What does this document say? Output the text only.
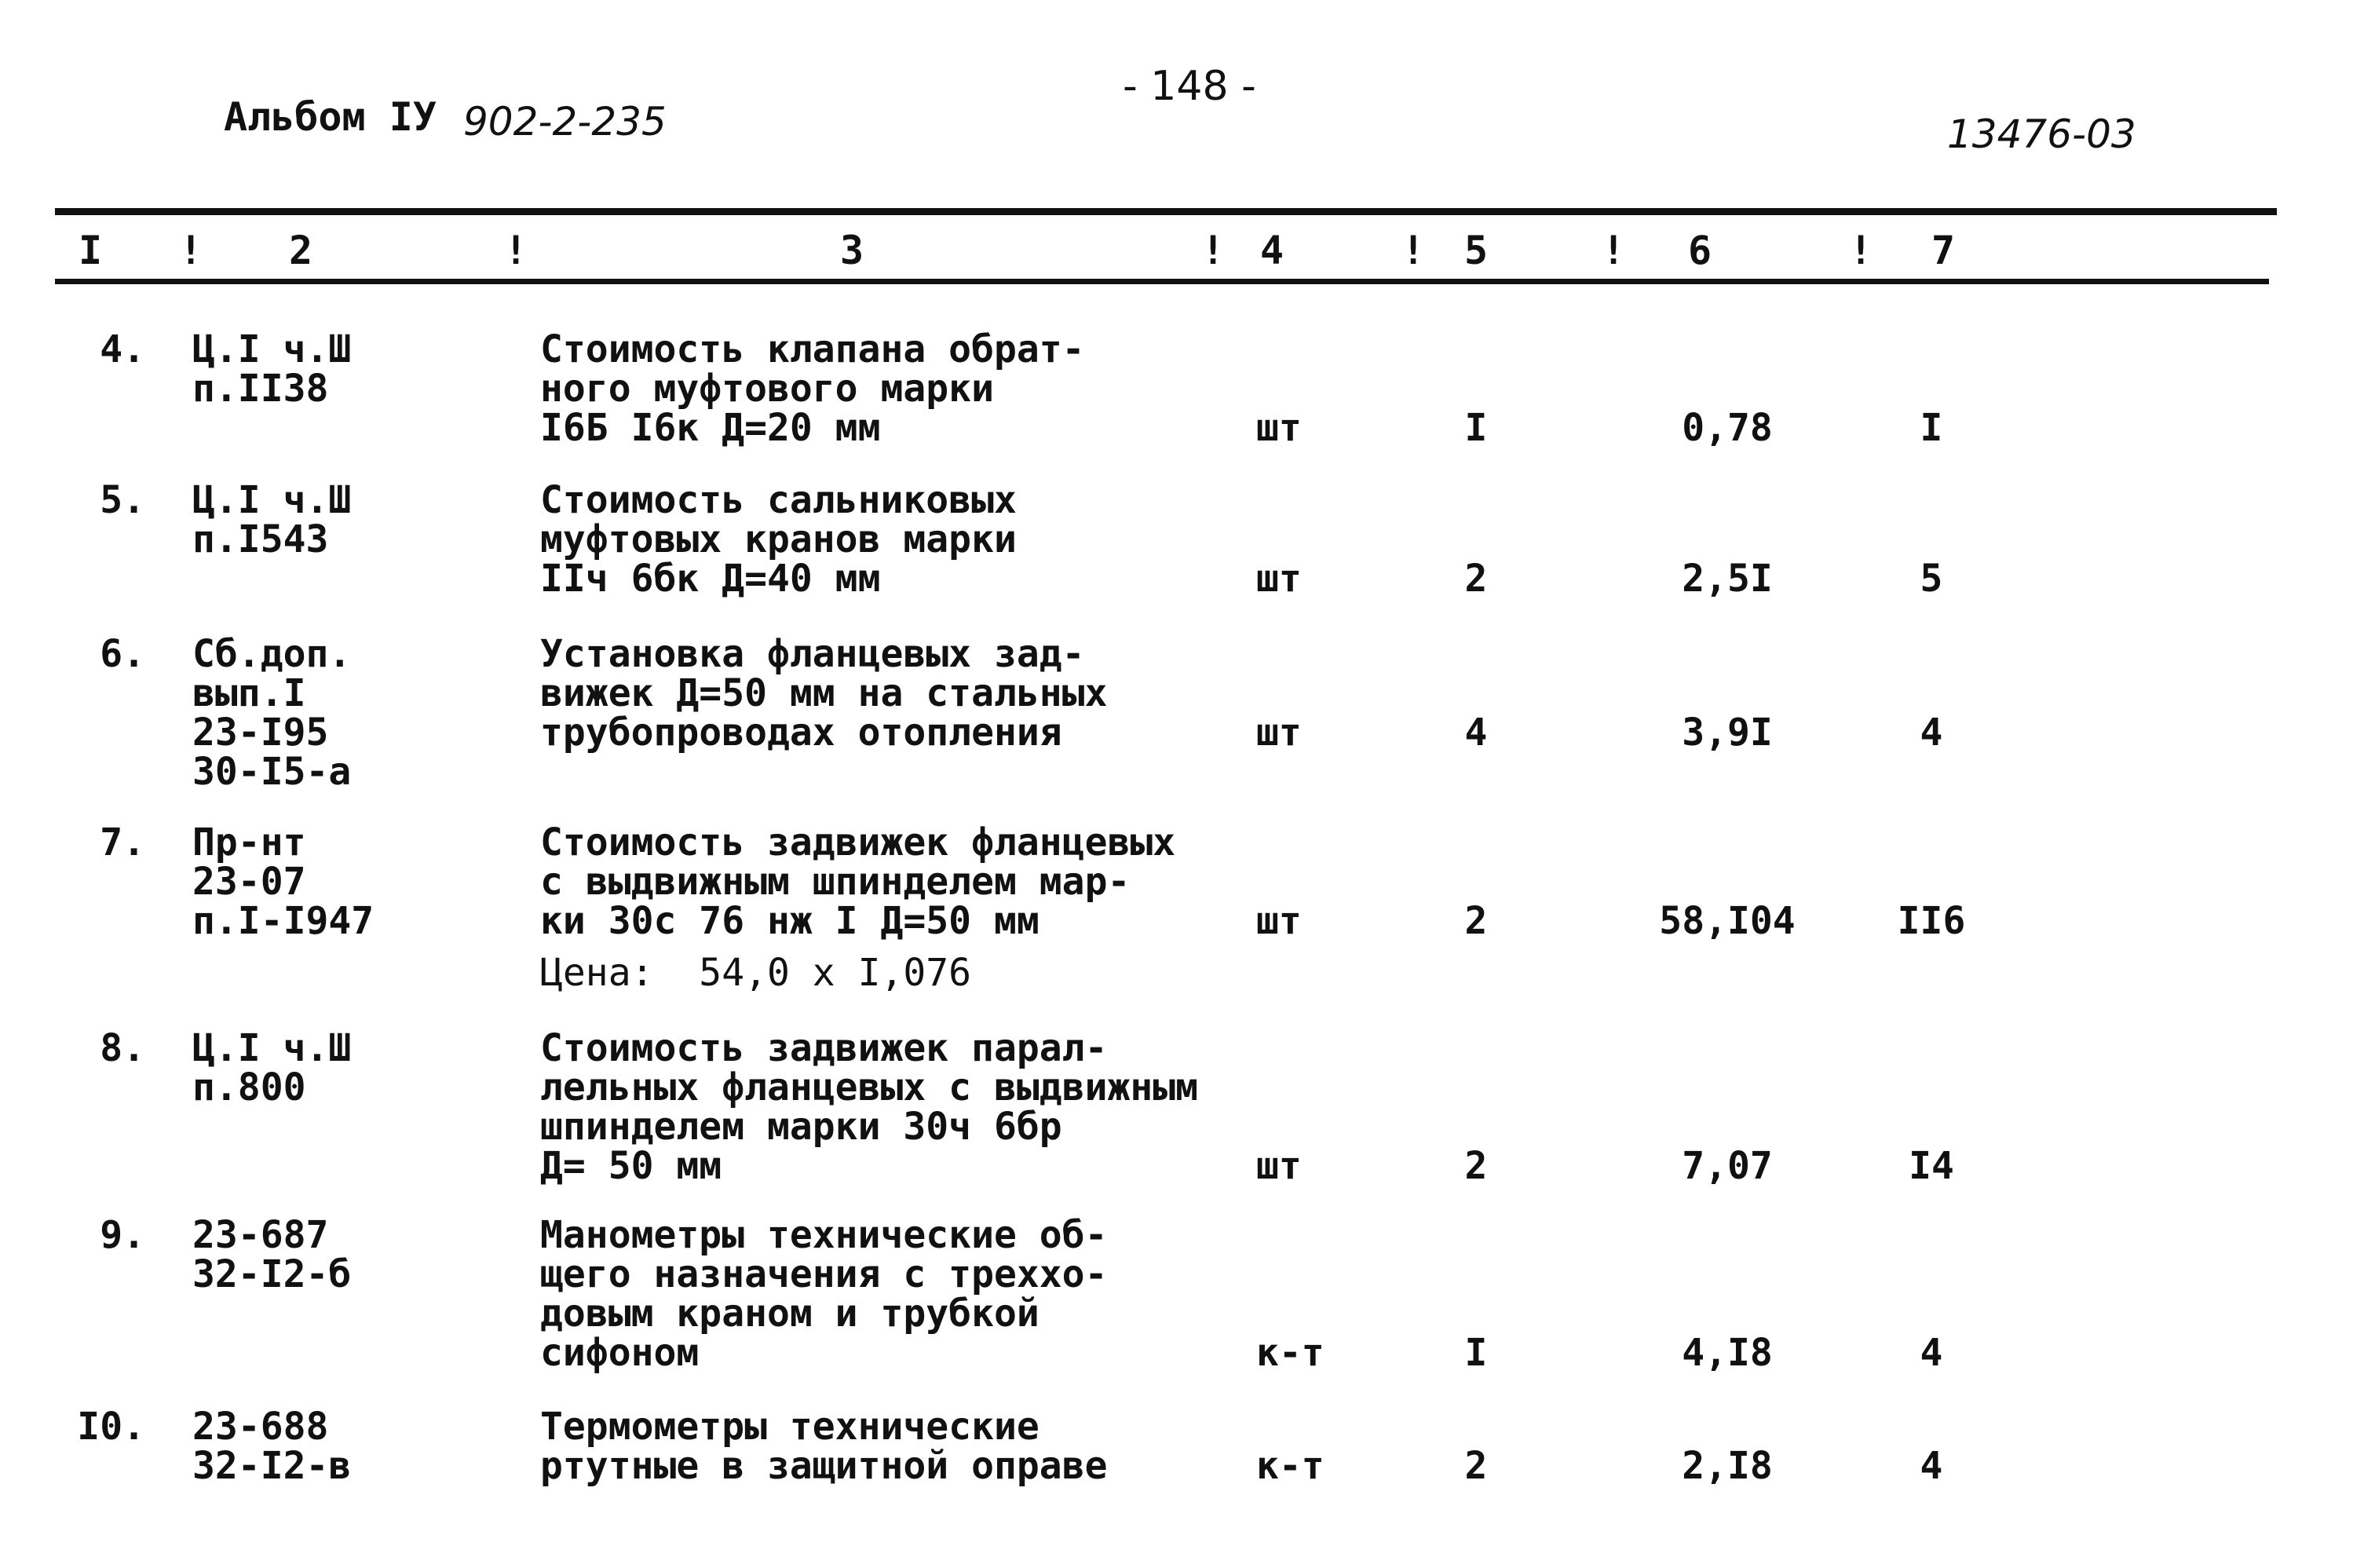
Альбом IУ 902-2-235
- 148 -
13476-03
I ! 2	!	3	! 4	! 5	! 6	! 7
4. Ц.I ч.Ш
п.II38
Стоимость клапана обрат-
ного муфтового марки
I6Б I6к Д=20 мм	шт	I	0,78	I
5. Ц.I ч.Ш
п.I543
Стоимость сальниковых
муфтовых кранов марки
IIч 6бк Д=40 мм	шт	2	2,5I	5
6. Сб.доп.
вып.I
23-I95
30-I5-а
Установка фланцевых зад-
вижек Д=50 мм на стальных
трубопроводах отопления	шт	4	3,9I	4
7. Пр-нт
23-07
п.I-I947
Стоимость задвижек фланцевых
с выдвижным шпинделем мар-
ки 30с 76 нж I Д=50 мм	шт	2	58,I04	II6
Цена:  54,0 х I,076
8. Ц.I ч.Ш
п.800
Стоимость задвижек парал-
лельных фланцевых с выдвижным
шпинделем марки 30ч 6бр
Д= 50 мм	шт	2	7,07	I4
9. 23-687
32-I2-б
Манометры технические об-
щего назначения с трехxo-
довым краном и трубкой
сифоном	к-т	I	4,I8	4
I0. 23-688
32-I2-в
Термометры технические
ртутные в защитной оправе	к-т	2	2,I8	4
